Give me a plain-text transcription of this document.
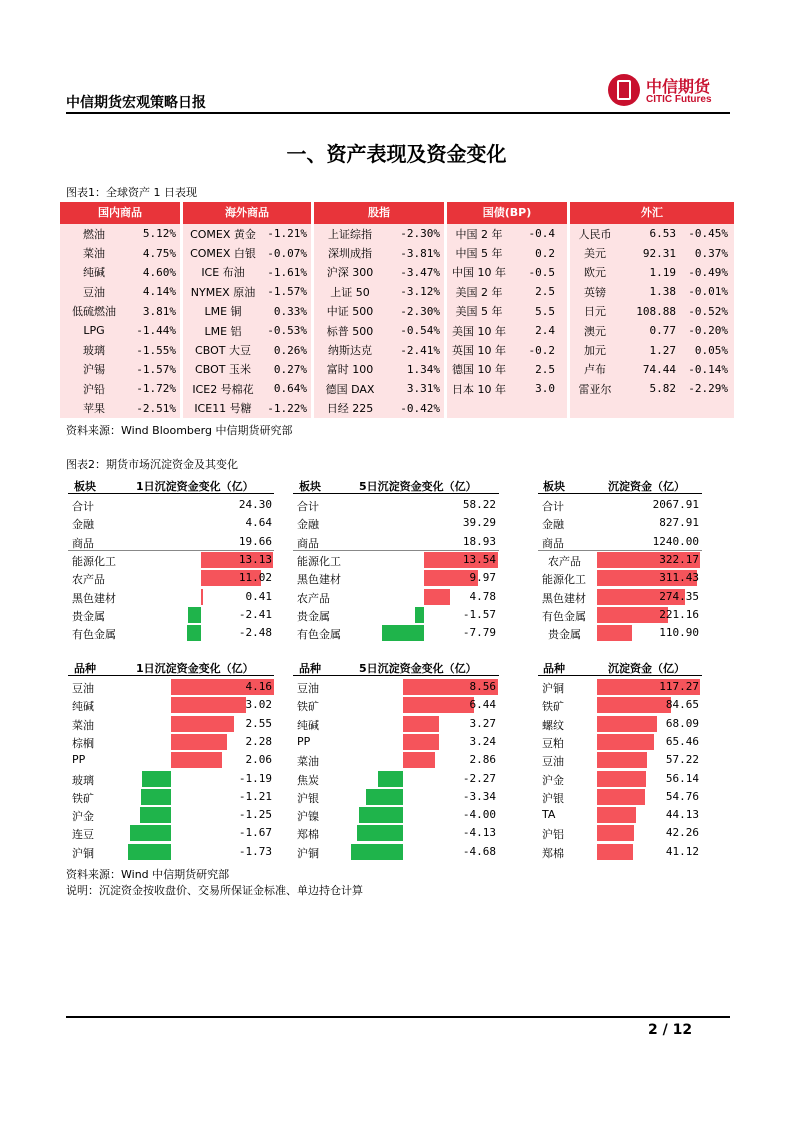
中信期货宏观策略日报
中信期货
CITIC Futures
一、资产表现及资金变化
图表1：全球资产 1 日表现
国内商品
燃油	5.12%
菜油	4.75%
纯碱	4.60%
豆油	4.14%
低硫燃油	3.81%
LPG	-1.44%
玻璃	-1.55%
沪锡	-1.57%
沪铅	-1.72%
苹果	-2.51%
海外商品
COMEX 黄金	-1.21%
COMEX 白银	-0.07%
ICE 布油	-1.61%
NYMEX 原油	-1.57%
LME 铜	0.33%
LME 铝	-0.53%
CBOT 大豆	0.26%
CBOT 玉米	0.27%
ICE2 号棉花	0.64%
ICE11 号糖	-1.22%
股指
上证综指	-2.30%
深圳成指	-3.81%
沪深 300	-3.47%
上证 50	-3.12%
中证 500	-2.30%
标普 500	-0.54%
纳斯达克	-2.41%
富时 100	1.34%
德国 DAX	3.31%
日经 225	-0.42%
国债(BP)
中国 2 年	-0.4
中国 5 年	0.2
中国 10 年	-0.5
美国 2 年	2.5
美国 5 年	5.5
美国 10 年	2.4
英国 10 年	-0.2
德国 10 年	2.5
日本 10 年	3.0
外汇
人民币	6.53	-0.45%
美元	92.31	0.37%
欧元	1.19	-0.49%
英镑	1.38	-0.01%
日元	108.88	-0.52%
澳元	0.77	-0.20%
加元	1.27	0.05%
卢布	74.44	-0.14%
雷亚尔	5.82	-2.29%
资料来源：Wind Bloomberg 中信期货研究部
图表2：期货市场沉淀资金及其变化
板块	1日沉淀资金变化（亿）
合计	24.30
金融	4.64
商品	19.66
能源化工	13.13
农产品	11.02
黑色建材	0.41
贵金属	-2.41
有色金属	-2.48
板块	5日沉淀资金变化（亿）
合计	58.22
金融	39.29
商品	18.93
能源化工	13.54
黑色建材	9.97
农产品	4.78
贵金属	-1.57
有色金属	-7.79
板块	沉淀资金（亿）
合计	2067.91
金融	827.91
商品	1240.00
农产品	322.17
能源化工	311.43
黑色建材	274.35
有色金属	221.16
贵金属	110.90
品种	1日沉淀资金变化（亿）
豆油	4.16
纯碱	3.02
菜油	2.55
棕榈	2.28
PP	2.06
玻璃	-1.19
铁矿	-1.21
沪金	-1.25
连豆	-1.67
沪铜	-1.73
品种	5日沉淀资金变化（亿）
豆油	8.56
铁矿	6.44
纯碱	3.27
PP	3.24
菜油	2.86
焦炭	-2.27
沪银	-3.34
沪镍	-4.00
郑棉	-4.13
沪铜	-4.68
品种	沉淀资金（亿）
沪铜	117.27
铁矿	84.65
螺纹	68.09
豆粕	65.46
豆油	57.22
沪金	56.14
沪银	54.76
TA	44.13
沪铝	42.26
郑棉	41.12
资料来源：Wind 中信期货研究部
说明：沉淀资金按收盘价、交易所保证金标准、单边持仓计算
2 / 12
